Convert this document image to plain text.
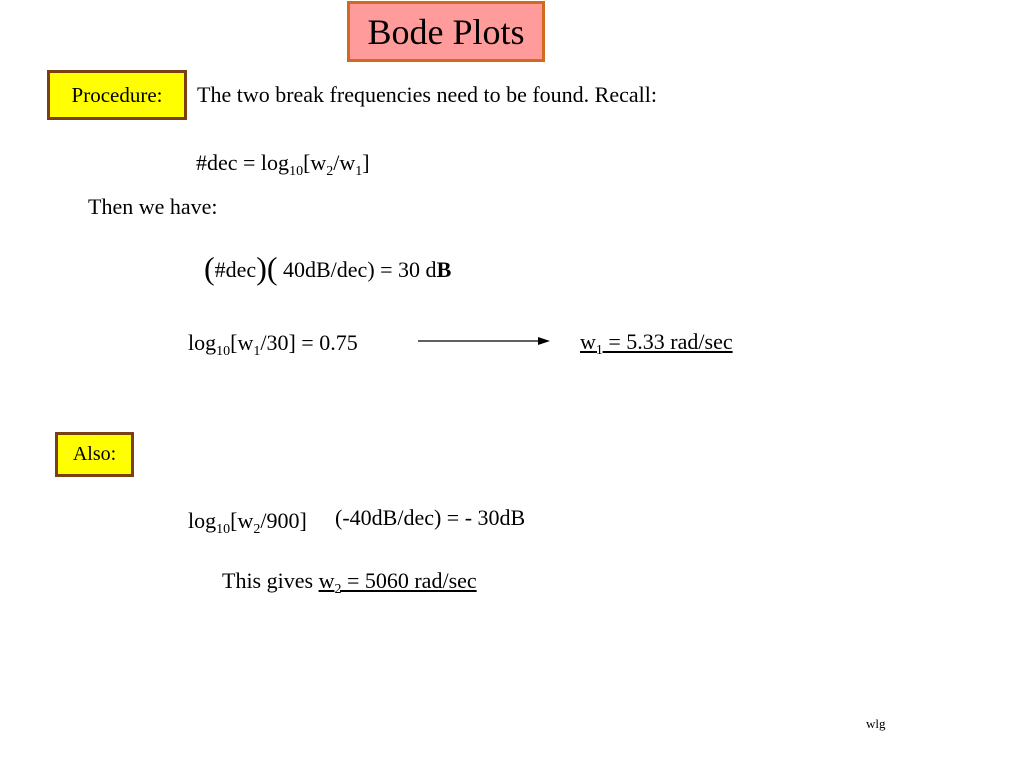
Bode Plots
Procedure: The two break frequencies need to be found. Recall:
#dec = $\log_{10}[w_2/w_1]$
Then we have:
(#dec)( 40dB/dec) = 30 dB
$\log_{10}[w_1/30] = 0.75$	$w_1 = 5.33$ rad/sec
Also:
$\log_{10}[w_2/900] (-40dB/dec)$ = - 30dB
This gives $w_2 = 5060$ rad/sec
wlg
